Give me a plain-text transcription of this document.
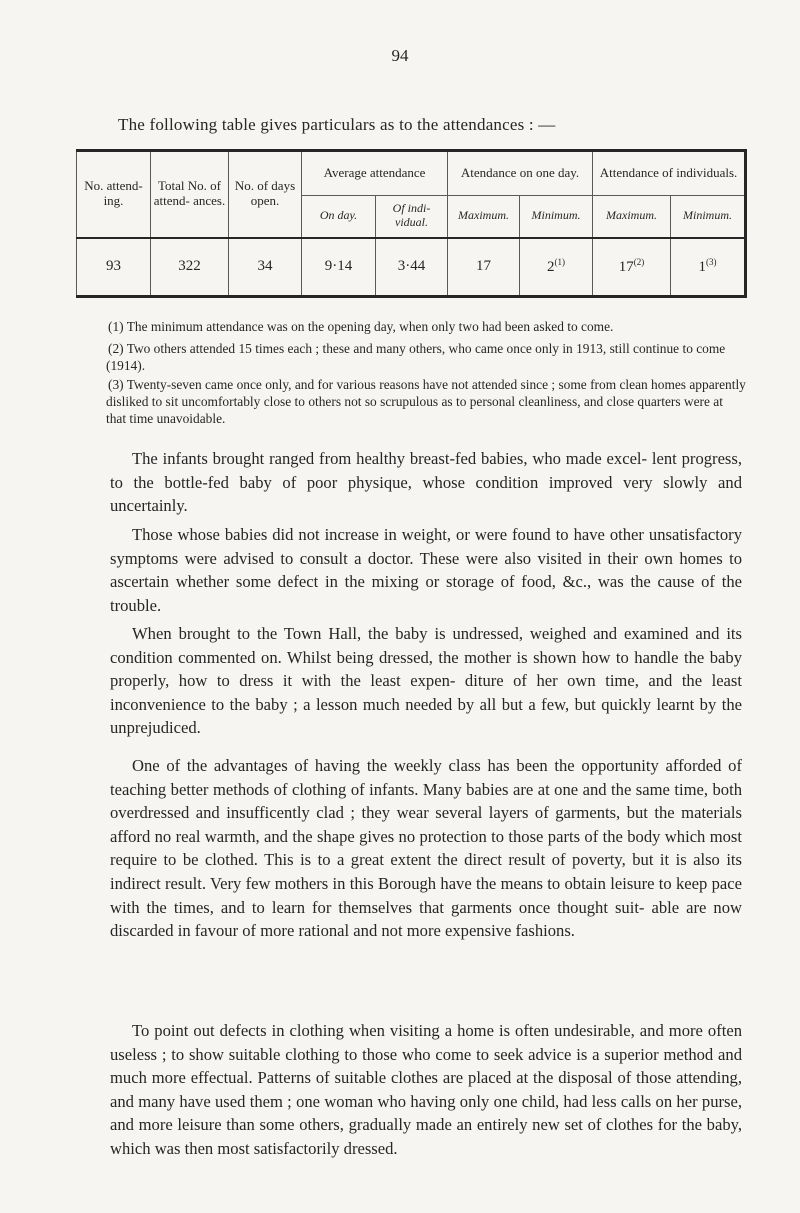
94
The following table gives particulars as to the attendances : —
No. attend- ing.	Total No. of attend- ances.	No. of days open.	Average attendance		Atendance on one day.		Attendance of individuals.	
			On day.	Of indi- vidual.	Maximum.	Minimum.	Maximum.	Minimum.
93	322	34	9·14	3·44	17	2$^{(1)}$	17$^{(2)}$	1$^{(3)}$
(1) The minimum attendance was on the opening day, when only two had been asked to come.
(2) Two others attended 15 times each ; these and many others, who came once only in 1913, still continue to come (1914).
(3) Twenty-seven came once only, and for various reasons have not attended since ; some from clean homes apparently disliked to sit uncomfortably close to others not so scrupulous as to personal cleanliness, and close quarters were at that time unavoidable.

The infants brought ranged from healthy breast-fed babies, who made excel- lent progress, to the bottle-fed baby of poor physique, whose condition improved very slowly and uncertainly.

Those whose babies did not increase in weight, or were found to have other unsatisfactory symptoms were advised to consult a doctor. These were also visited in their own homes to ascertain whether some defect in the mixing or storage of food, &c., was the cause of the trouble.

When brought to the Town Hall, the baby is undressed, weighed and examined and its condition commented on. Whilst being dressed, the mother is shown how to handle the baby properly, how to dress it with the least expen- diture of her own time, and the least inconvenience to the baby ; a lesson much needed by all but a few, but quickly learnt by the unprejudiced.

One of the advantages of having the weekly class has been the opportunity afforded of teaching better methods of clothing of infants. Many babies are at one and the same time, both overdressed and insufficently clad ; they wear several layers of garments, but the materials afford no real warmth, and the shape gives no protection to those parts of the body which most require to be clothed. This is to a great extent the direct result of poverty, but it is also its indirect result. Very few mothers in this Borough have the means to obtain leisure to keep pace with the times, and to learn for themselves that garments once thought suit- able are now discarded in favour of more rational and not more expensive fashions.

To point out defects in clothing when visiting a home is often undesirable, and more often useless ; to show suitable clothing to those who come to seek advice is a superior method and much more effectual. Patterns of suitable clothes are placed at the disposal of those attending, and many have used them ; one woman who having only one child, had less calls on her purse, and more leisure than some others, gradually made an entirely new set of clothes for the baby, which was then most satisfactorily dressed.
